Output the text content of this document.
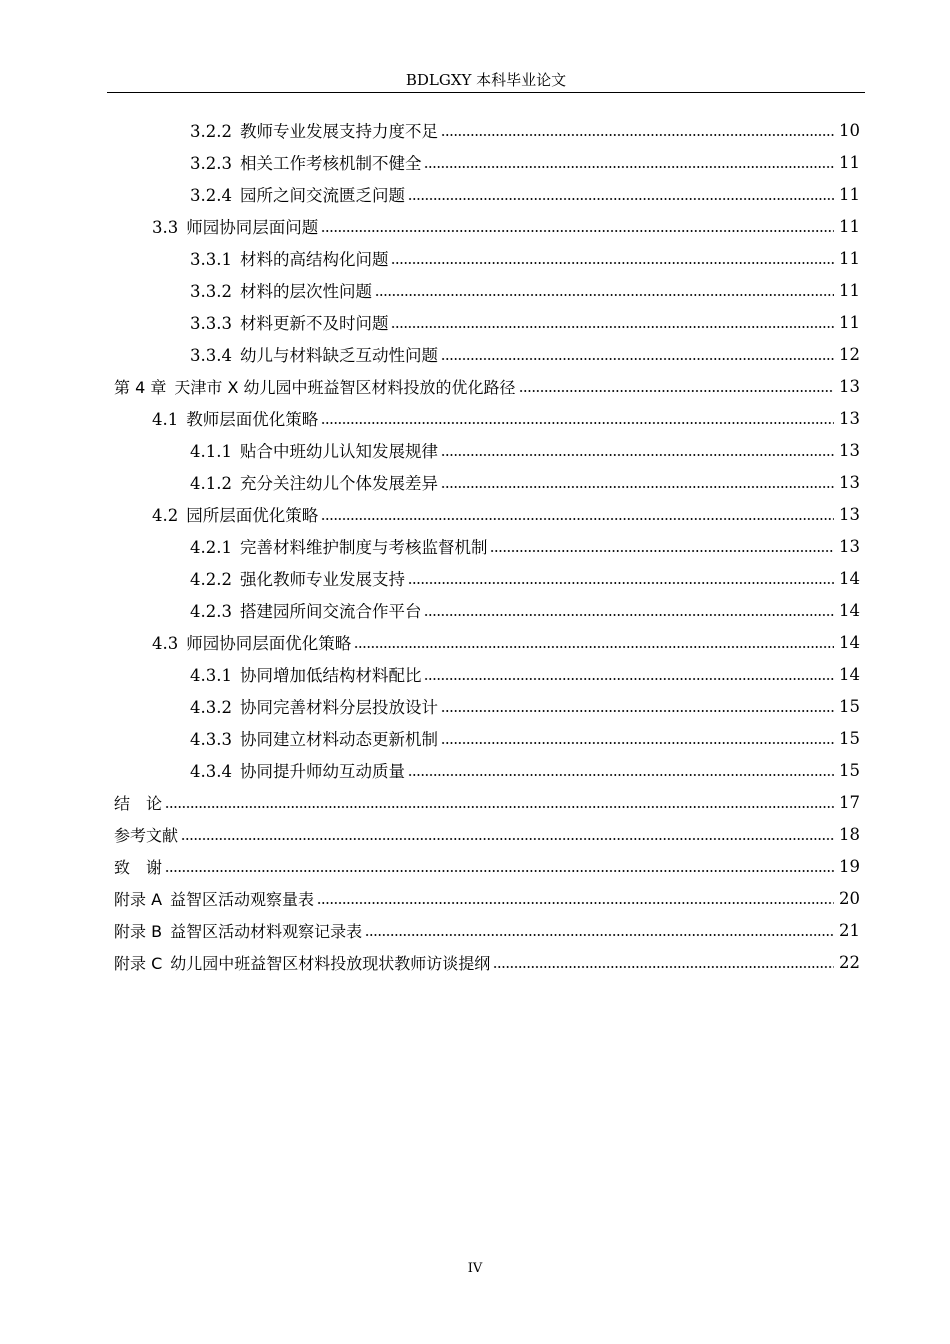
BDLGXY 本科毕业论文
3.2.2 教师专业发展支持力度不足	10
3.2.3 相关工作考核机制不健全	11
3.2.4 园所之间交流匮乏问题	11
3.3 师园协同层面问题	11
3.3.1 材料的高结构化问题	11
3.3.2 材料的层次性问题	11
3.3.3 材料更新不及时问题	11
3.3.4 幼儿与材料缺乏互动性问题	12
第 4 章 天津市 X 幼儿园中班益智区材料投放的优化路径	13
4.1 教师层面优化策略	13
4.1.1 贴合中班幼儿认知发展规律	13
4.1.2 充分关注幼儿个体发展差异	13
4.2 园所层面优化策略	13
4.2.1 完善材料维护制度与考核监督机制	13
4.2.2 强化教师专业发展支持	14
4.2.3 搭建园所间交流合作平台	14
4.3 师园协同层面优化策略	14
4.3.1 协同增加低结构材料配比	14
4.3.2 协同完善材料分层投放设计	15
4.3.3 协同建立材料动态更新机制	15
4.3.4 协同提升师幼互动质量	15
结　论	17
参考文献	18
致　谢	19
附录 A 益智区活动观察量表	20
附录 B 益智区活动材料观察记录表	21
附录 C 幼儿园中班益智区材料投放现状教师访谈提纲	22
IV
